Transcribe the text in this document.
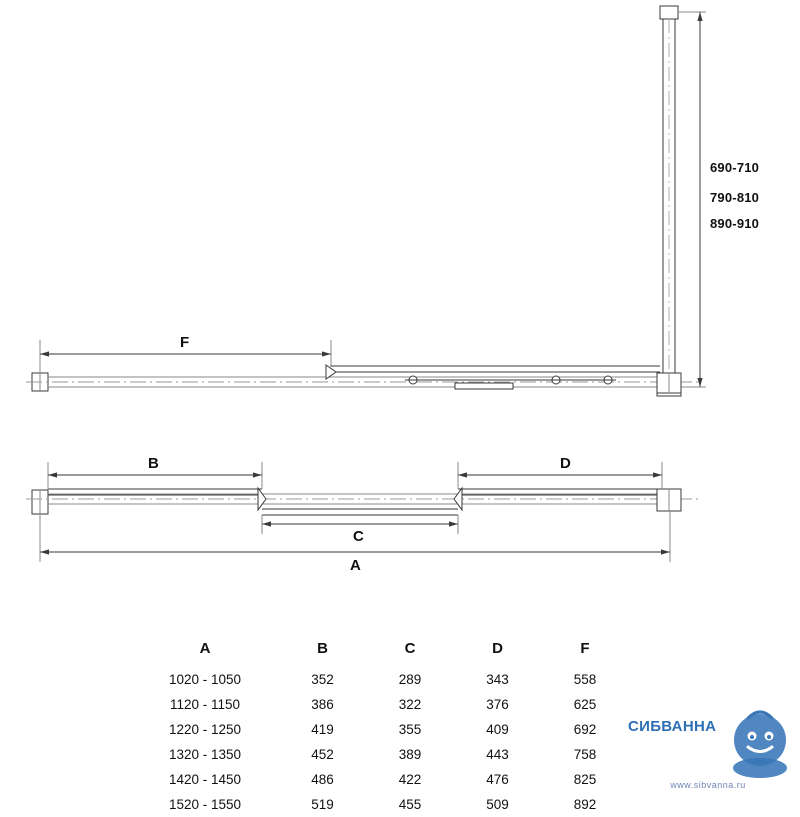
F
B	D
C
A
690-710
790-810
890-910
A	B	C	D	F
1020 - 1050	352	289	343	558
1120 - 1150	386	322	376	625
1220 - 1250	419	355	409	692
1320 - 1350	452	389	443	758
1420 - 1450	486	422	476	825
1520 - 1550	519	455	509	892
СИБВАННА
www.sibvanna.ru
